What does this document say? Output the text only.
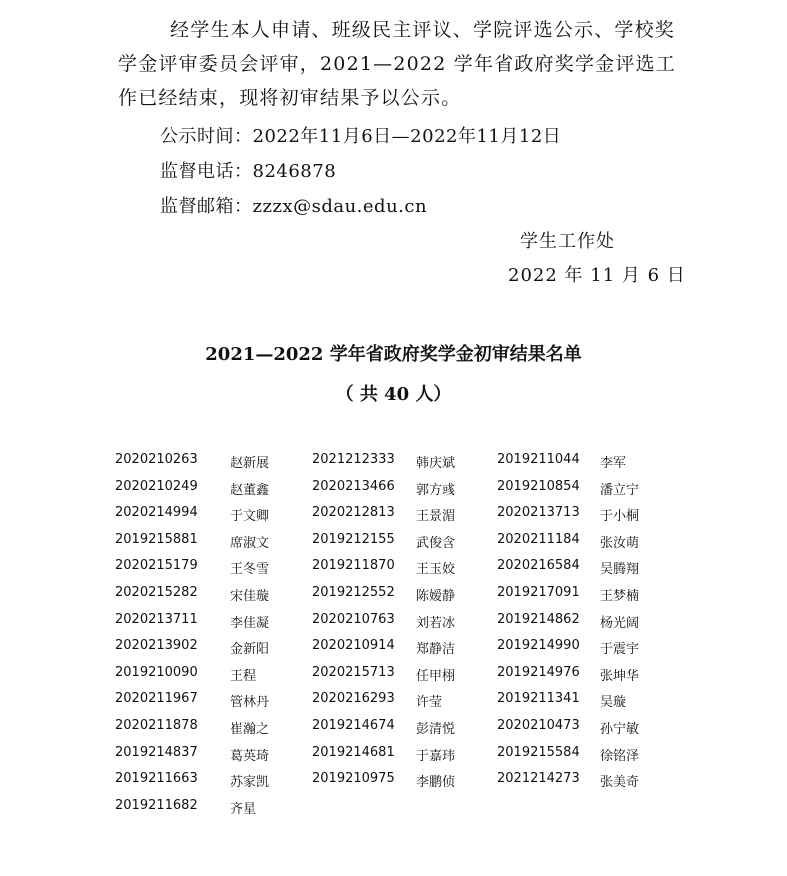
经学生本人申请、班级民主评议、学院评选公示、学校奖学金评审委员会评审，2021—2022 学年省政府奖学金评选工作已经结束，现将初审结果予以公示。
公示时间：2022年11月6日—2022年11月12日
监督电话：8246878
监督邮箱：zzzx@sdau.edu.cn
学生工作处
2022 年 11 月 6 日
2021—2022 学年省政府奖学金初审结果名单
（ 共 40 人）
2020210263 赵新展	2021212333 韩庆斌	2019211044 李军
2020210249 赵董鑫	2020213466 郭方彧	2019210854 潘立宁
2020214994 于文卿	2020212813 王景湄	2020213713 于小桐
2019215881 席淑文	2019212155 武俊含	2020211184 张汝萌
2020215179 王冬雪	2019211870 王玉姣	2020216584 吴腾翔
2020215282 宋佳璇	2019212552 陈嫒静	2019217091 王梦楠
2020213711 李佳凝	2020210763 刘若冰	2019214862 杨光阔
2020213902 金新阳	2020210914 郑静洁	2019214990 于震宇
2019210090 王程	2020215713 任甲栩	2019214976 张坤华
2020211967 管林丹	2020216293 许莹	2019211341 吴璇
2020211878 崔瀚之	2019214674 彭清悦	2020210473 孙宁敏
2019214837 葛英琦	2019214681 于嘉玮	2019215584 徐铭泽
2019211663 苏家凯	2019210975 李鹏侦	2021214273 张美奇
2019211682 齐星
